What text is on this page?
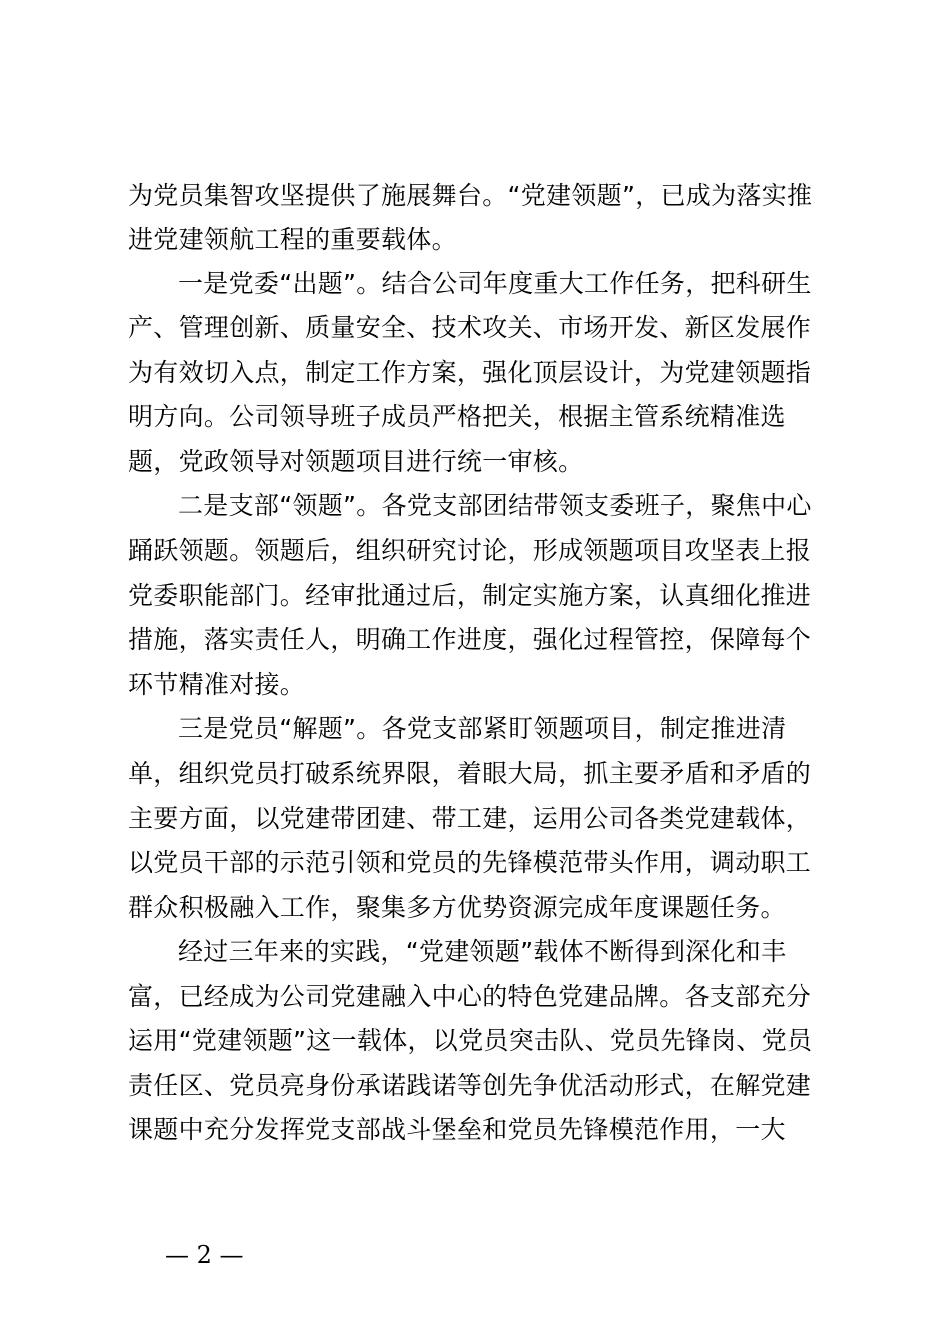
为党员集智攻坚提供了施展舞台。“党建领题”，已成为落实推
进党建领航工程的重要载体。
一是党委“出题”。结合公司年度重大工作任务，把科研生
产、管理创新、质量安全、技术攻关、市场开发、新区发展作
为有效切入点，制定工作方案，强化顶层设计，为党建领题指
明方向。公司领导班子成员严格把关，根据主管系统精准选
题，党政领导对领题项目进行统一审核。
二是支部“领题”。各党支部团结带领支委班子，聚焦中心
踊跃领题。领题后，组织研究讨论，形成领题项目攻坚表上报
党委职能部门。经审批通过后，制定实施方案，认真细化推进
措施，落实责任人，明确工作进度，强化过程管控，保障每个
环节精准对接。
三是党员“解题”。各党支部紧盯领题项目，制定推进清
单，组织党员打破系统界限，着眼大局，抓主要矛盾和矛盾的
主要方面，以党建带团建、带工建，运用公司各类党建载体，
以党员干部的示范引领和党员的先锋模范带头作用，调动职工
群众积极融入工作，聚集多方优势资源完成年度课题任务。
经过三年来的实践，“党建领题”载体不断得到深化和丰
富，已经成为公司党建融入中心的特色党建品牌。各支部充分
运用“党建领题”这一载体，以党员突击队、党员先锋岗、党员
责任区、党员亮身份承诺践诺等创先争优活动形式，在解党建
课题中充分发挥党支部战斗堡垒和党员先锋模范作用，一大
— 2 —
